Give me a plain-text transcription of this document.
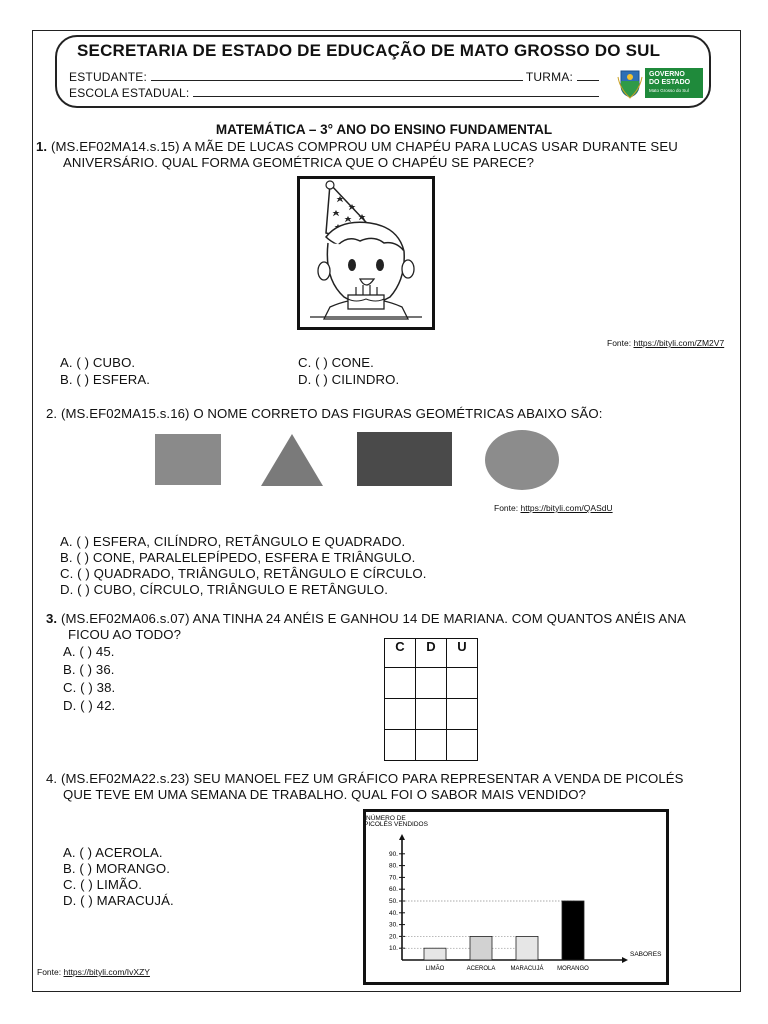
SECRETARIA DE ESTADO DE EDUCAÇÃO DE MATO GROSSO DO SUL
ESTUDANTE:	TURMA:
ESCOLA ESTADUAL:
GOVERNO
DO ESTADO
Mato Grosso do Sul
MATEMÁTICA – 3° ANO DO ENSINO FUNDAMENTAL
1. (MS.EF02MA14.s.15) A MÃE DE LUCAS COMPROU UM CHAPÉU PARA LUCAS USAR DURANTE SEU
ANIVERSÁRIO. QUAL FORMA GEOMÉTRICA QUE O CHAPÉU SE PARECE?
Fonte: https://bityli.com/ZM2V7
A. ( ) CUBO.
B. ( ) ESFERA.
C. ( ) CONE.
D. ( ) CILINDRO.
2. (MS.EF02MA15.s.16) O NOME CORRETO DAS FIGURAS GEOMÉTRICAS ABAIXO SÃO:
Fonte: https://bityli.com/QASdU
A. ( ) ESFERA, CILÍNDRO, RETÂNGULO E QUADRADO.
B. ( ) CONE, PARALELEPÍPEDO, ESFERA E TRIÂNGULO.
C. ( ) QUADRADO, TRIÂNGULO, RETÂNGULO E CÍRCULO.
D. ( ) CUBO, CÍRCULO, TRIÂNGULO E RETÂNGULO.
3. (MS.EF02MA06.s.07) ANA TINHA 24 ANÉIS E GANHOU 14 DE MARIANA. COM QUANTOS ANÉIS ANA
FICOU AO TODO?
A. ( ) 45.
B. ( ) 36.
C. ( ) 38.
D. ( ) 42.
C	D	U

4. (MS.EF02MA22.s.23) SEU MANOEL FEZ UM GRÁFICO PARA REPRESENTAR A VENDA DE PICOLÉS
QUE TEVE EM UMA SEMANA DE TRABALHO. QUAL FOI O SABOR MAIS VENDIDO?
A. ( ) ACEROLA.
B. ( ) MORANGO.
C. ( ) LIMÃO.
D. ( ) MARACUJÁ.
NÚMERO DE
PICOLÉS VENDIDOS
SABORES
10.
20.
30.
40.
50.
60.
70.
80.
90.
LIMÃO	ACEROLA	MARACUJÁ MORANGO
Fonte: https://bityli.com/IvXZY
